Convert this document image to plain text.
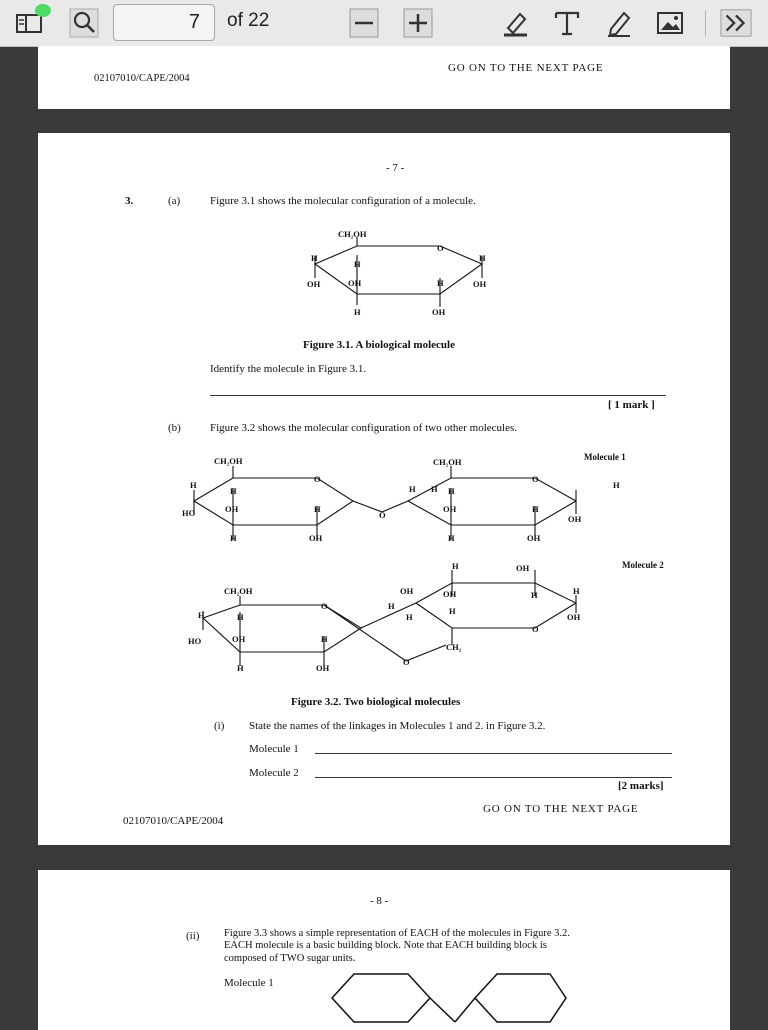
7	of 22
02107010/CAPE/2004
GO ON TO THE NEXT PAGE
- 7 -
3.	(a)	Figure 3.1 shows the molecular configuration of a molecule.
CH₂OH
O
H
H
H
OH	OH	H	OH
H	OH
Figure 3.1. A biological molecule
Identify the molecule in Figure 3.1.
[ 1 mark ]
(b)	Figure 3.2 shows the molecular configuration of two other molecules.
CH₂OH	CH₂OH	Molecule 1
O	O
H
H	H H H
H
HO	OH	H
O
OH	H
OH
H	OH	H	OH
H	OH	Molecule 2
CH₂OH	OH	OH	H	H
O	H
H	H	H
H
O
OH
HO	OH	H
CH₂
O
H	OH
Figure 3.2. Two biological molecules
(i) State the names of the linkages in Molecules 1 and 2. in Figure 3.2.
Molecule 1
Molecule 2
[2 marks]
GO ON TO THE NEXT PAGE
02107010/CAPE/2004
- 8 -
(ii) Figure 3.3 shows a simple representation of EACH of the molecules in Figure 3.2.
EACH molecule is a basic building block. Note that EACH building block is
composed of TWO sugar units.
Molecule 1
